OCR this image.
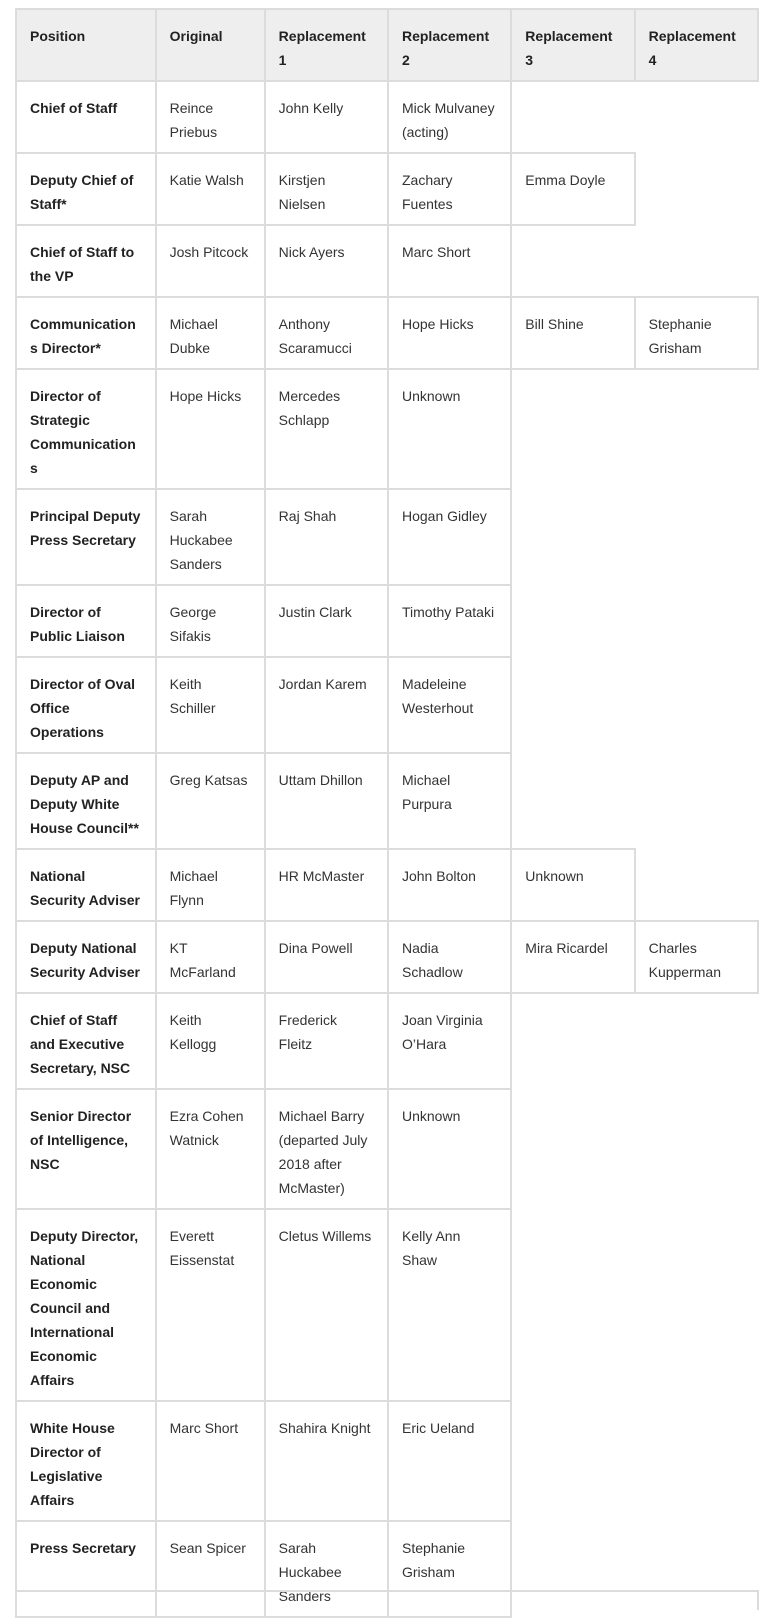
Position	Original	Replacement 1	Replacement 2	Replacement 3	Replacement 4
Chief of Staff	Reince Priebus	John Kelly	Mick Mulvaney (acting)		
Deputy Chief of Staff*	Katie Walsh	Kirstjen Nielsen	Zachary Fuentes	Emma Doyle	
Chief of Staff to the VP	Josh Pitcock	Nick Ayers	Marc Short		
Communications Director*	Michael Dubke	Anthony Scaramucci	Hope Hicks	Bill Shine	Stephanie Grisham
Director of Strategic Communications	Hope Hicks	Mercedes Schlapp	Unknown		
Principal Deputy Press Secretary	Sarah Huckabee Sanders	Raj Shah	Hogan Gidley		
Director of Public Liaison	George Sifakis	Justin Clark	Timothy Pataki		
Director of Oval Office Operations	Keith Schiller	Jordan Karem	Madeleine Westerhout		
Deputy AP and Deputy White House Council**	Greg Katsas	Uttam Dhillon	Michael Purpura		
National Security Adviser	Michael Flynn	HR McMaster	John Bolton	Unknown	
Deputy National Security Adviser	KT McFarland	Dina Powell	Nadia Schadlow	Mira Ricardel	Charles Kupperman
Chief of Staff and Executive Secretary, NSC	Keith Kellogg	Frederick Fleitz	Joan Virginia O’Hara		
Senior Director of Intelligence, NSC	Ezra Cohen Watnick	Michael Barry (departed July 2018 after McMaster)	Unknown		
Deputy Director, National Economic Council and International Economic Affairs	Everett Eissenstat	Cletus Willems	Kelly Ann Shaw		
White House Director of Legislative Affairs	Marc Short	Shahira Knight	Eric Ueland		
Press Secretary	Sean Spicer	Sarah Huckabee Sanders	Stephanie Grisham		
